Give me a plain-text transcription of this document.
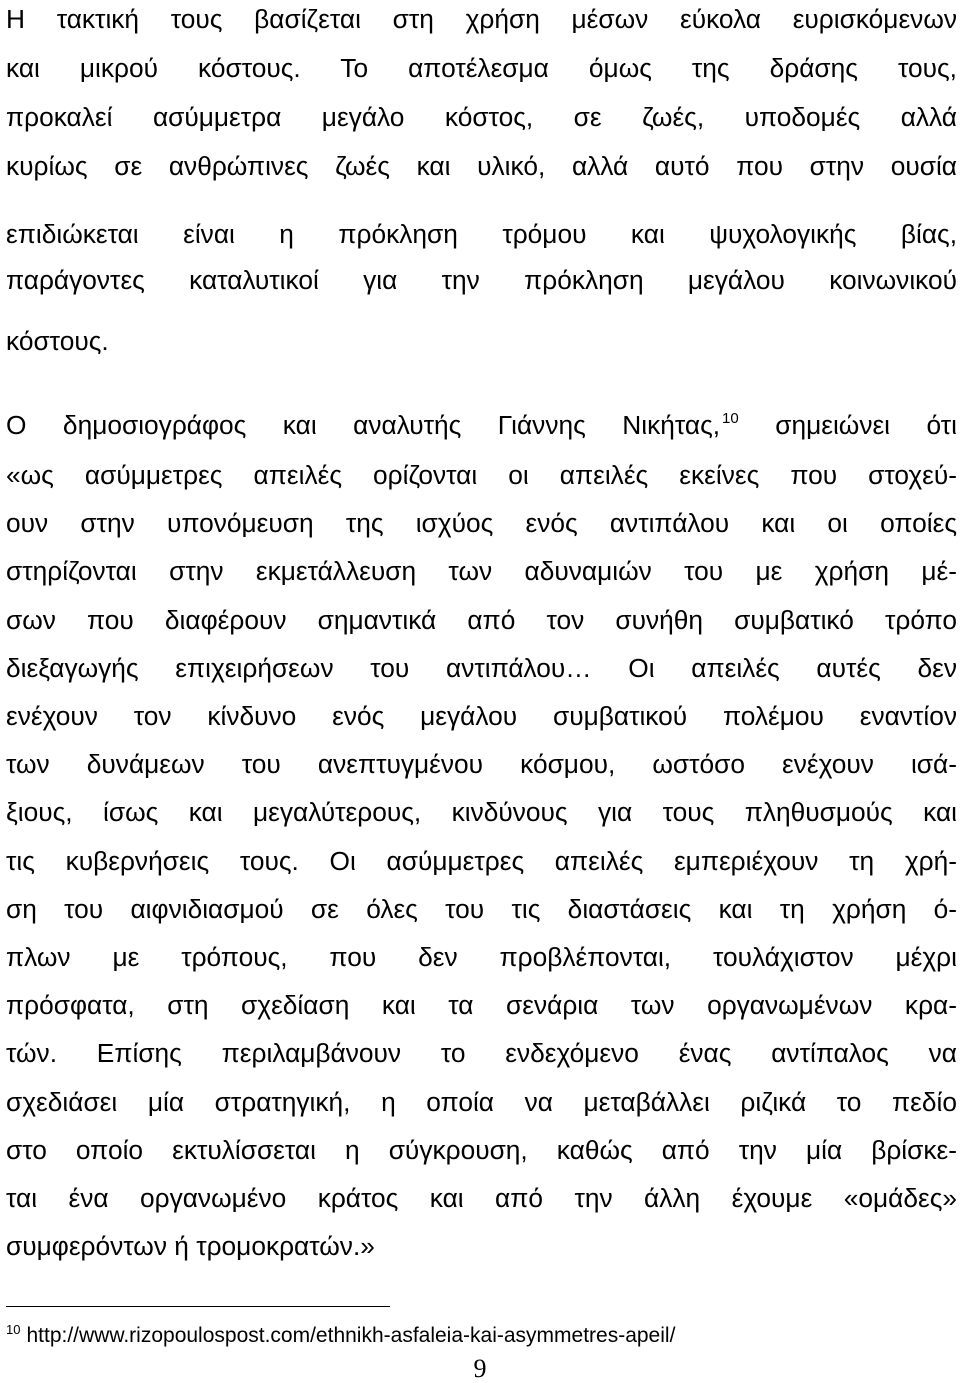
Η τακτική τους βασίζεται στη χρήση μέσων εύκολα ευρισκόμενων
και μικρού κόστους. Το αποτέλεσμα όμως της δράσης τους,
προκαλεί ασύμμετρα μεγάλο κόστος, σε ζωές, υποδομές αλλά
κυρίως σε ανθρώπινες ζωές και υλικό, αλλά αυτό που στην ουσία
επιδιώκεται είναι η πρόκληση τρόμου και ψυχολογικής βίας,
παράγοντες καταλυτικοί για την πρόκληση μεγάλου κοινωνικού
κόστους.
Ο δημοσιογράφος και αναλυτής Γιάννης Νικήτας, $^{10}$ σημειώνει ότι
«ως ασύμμετρες απειλές ορίζονται οι απειλές εκείνες που στοχεύ-
ουν στην υπονόμευση της ισχύος ενός αντιπάλου και οι οποίες
στηρίζονται στην εκμετάλλευση των αδυναμιών του με χρήση μέ-
σων που διαφέρουν σημαντικά από τον συνήθη συμβατικό τρόπο
διεξαγωγής επιχειρήσεων του αντιπάλου… Οι απειλές αυτές δεν
ενέχουν τον κίνδυνο ενός μεγάλου συμβατικού πολέμου εναντίον
των δυνάμεων του ανεπτυγμένου κόσμου, ωστόσο ενέχουν ισά-
ξιους, ίσως και μεγαλύτερους, κινδύνους για τους πληθυσμούς και
τις κυβερνήσεις τους. Οι ασύμμετρες απειλές εμπεριέχουν τη χρή-
ση του αιφνιδιασμού σε όλες του τις διαστάσεις και τη χρήση ό-
πλων με τρόπους, που δεν προβλέπονται, τουλάχιστον μέχρι
πρόσφατα, στη σχεδίαση και τα σενάρια των οργανωμένων κρα-
τών. Επίσης περιλαμβάνουν το ενδεχόμενο ένας αντίπαλος να
σχεδιάσει μία στρατηγική, η οποία να μεταβάλλει ριζικά το πεδίο
στο οποίο εκτυλίσσεται η σύγκρουση, καθώς από την μία βρίσκε-
ται ένα οργανωμένο κράτος και από την άλλη έχουμε «ομάδες»
συμφερόντων ή τρομοκρατών.»
$^{10}$ http://www.rizopoulospost.com/ethnikh-asfaleia-kai-asymmetres-apeil/
9
